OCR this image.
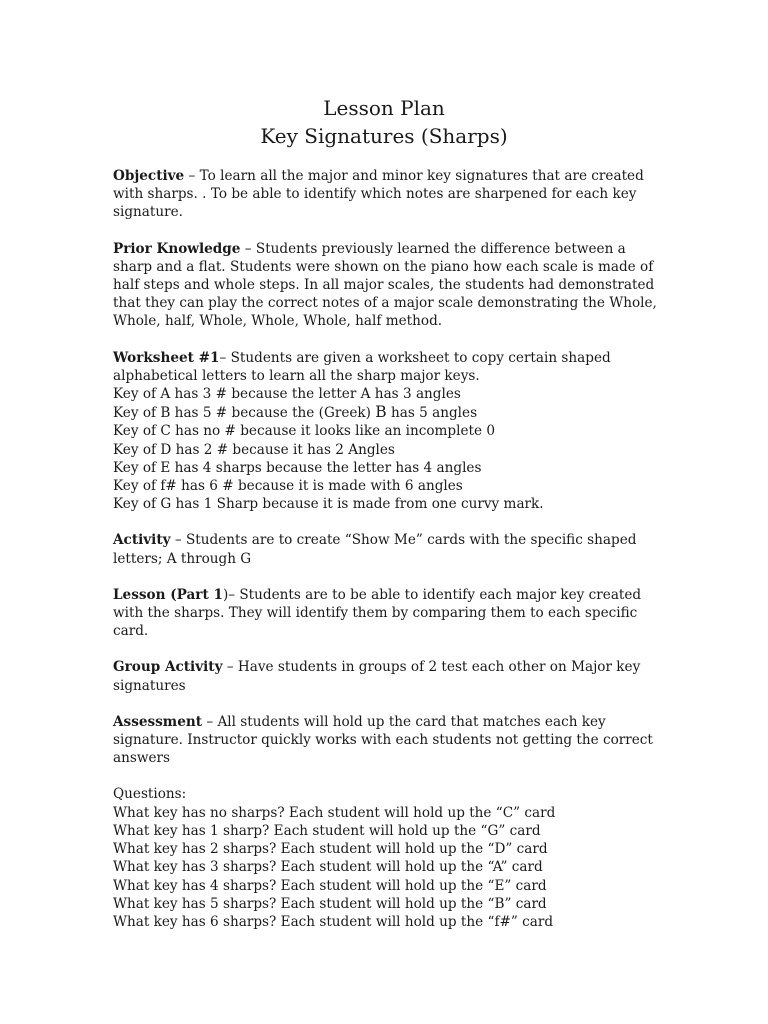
Lesson Plan
Key Signatures (Sharps)

Objective – To learn all the major and minor key signatures that are created with sharps. . To be able to identify which notes are sharpened for each key signature.

Prior Knowledge – Students previously learned the difference between a sharp and a flat. Students were shown on the piano how each scale is made of half steps and whole steps. In all major scales, the students had demonstrated that they can play the correct notes of a major scale demonstrating the Whole, Whole, half, Whole, Whole, Whole, half method.

Worksheet #1– Students are given a worksheet to copy certain shaped alphabetical letters to learn all the sharp major keys.

Key of A has 3 # because the letter A has 3 angles

Key of B has 5 # because the (Greek) B has 5 angles

Key of C has no # because it looks like an incomplete 0

Key of D has 2 # because it has 2 Angles

Key of E has 4 sharps because the letter has 4 angles

Key of f# has 6 # because it is made with 6 angles

Key of G has 1 Sharp because it is made from one curvy mark.

Activity – Students are to create “Show Me” cards with the specific shaped letters; A through G

Lesson (Part 1)– Students are to be able to identify each major key created with the sharps. They will identify them by comparing them to each specific card.

Group Activity – Have students in groups of 2 test each other on Major key signatures

Assessment – All students will hold up the card that matches each key signature. Instructor quickly works with each students not getting the correct answers

Questions:

What key has no sharps? Each student will hold up the “C” card

What key has 1 sharp? Each student will hold up the “G” card

What key has 2 sharps? Each student will hold up the “D” card

What key has 3 sharps? Each student will hold up the “A” card

What key has 4 sharps? Each student will hold up the “E” card

What key has 5 sharps? Each student will hold up the “B” card

What key has 6 sharps? Each student will hold up the “f#” card
